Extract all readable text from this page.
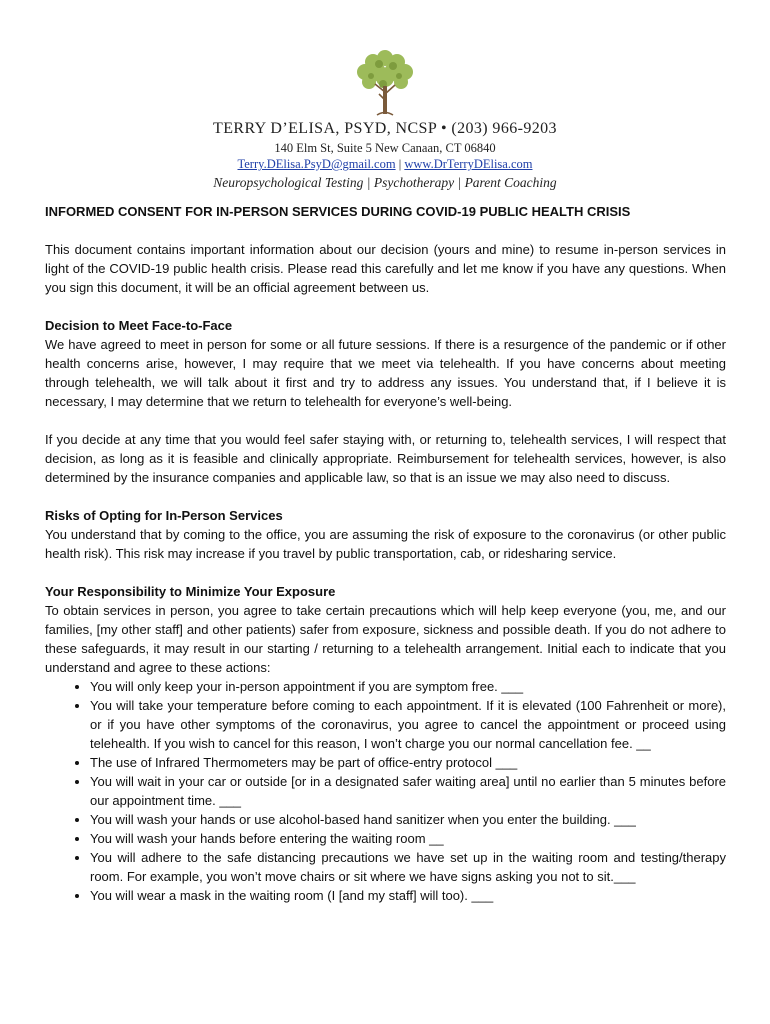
TERRY D’ELISA, PSYD, NCSP • (203) 966-9203
140 Elm St, Suite 5 New Canaan, CT 06840
Terry.DElisa.PsyD@gmail.com | www.DrTerryDElisa.com
Neuropsychological Testing | Psychotherapy | Parent Coaching
INFORMED CONSENT FOR IN-PERSON SERVICES DURING COVID-19 PUBLIC HEALTH CRISIS

This document contains important information about our decision (yours and mine) to resume in-person services in light of the COVID-19 public health crisis. Please read this carefully and let me know if you have any questions. When you sign this document, it will be an official agreement between us.

Decision to Meet Face-to-Face

We have agreed to meet in person for some or all future sessions. If there is a resurgence of the pandemic or if other health concerns arise, however, I may require that we meet via telehealth. If you have concerns about meeting through telehealth, we will talk about it first and try to address any issues. You understand that, if I believe it is necessary, I may determine that we return to telehealth for everyone’s well-being.

If you decide at any time that you would feel safer staying with, or returning to, telehealth services, I will respect that decision, as long as it is feasible and clinically appropriate. Reimbursement for telehealth services, however, is also determined by the insurance companies and applicable law, so that is an issue we may also need to discuss.

Risks of Opting for In-Person Services

You understand that by coming to the office, you are assuming the risk of exposure to the coronavirus (or other public health risk). This risk may increase if you travel by public transportation, cab, or ridesharing service.

Your Responsibility to Minimize Your Exposure

To obtain services in person, you agree to take certain precautions which will help keep everyone (you, me, and our families, [my other staff] and other patients) safer from exposure, sickness and possible death. If you do not adhere to these safeguards, it may result in our starting / returning to a telehealth arrangement. Initial each to indicate that you understand and agree to these actions:

• You will only keep your in-person appointment if you are symptom free. ___
• You will take your temperature before coming to each appointment. If it is elevated (100 Fahrenheit or more), or if you have other symptoms of the coronavirus, you agree to cancel the appointment or proceed using telehealth. If you wish to cancel for this reason, I won’t charge you our normal cancellation fee. __
• The use of Infrared Thermometers may be part of office-entry protocol ___
• You will wait in your car or outside [or in a designated safer waiting area] until no earlier than 5 minutes before our appointment time. ___
• You will wash your hands or use alcohol-based hand sanitizer when you enter the building. ___
• You will wash your hands before entering the waiting room __
• You will adhere to the safe distancing precautions we have set up in the waiting room and testing/therapy room. For example, you won’t move chairs or sit where we have signs asking you not to sit.___
• You will wear a mask in the waiting room (I [and my staff] will too). ___
